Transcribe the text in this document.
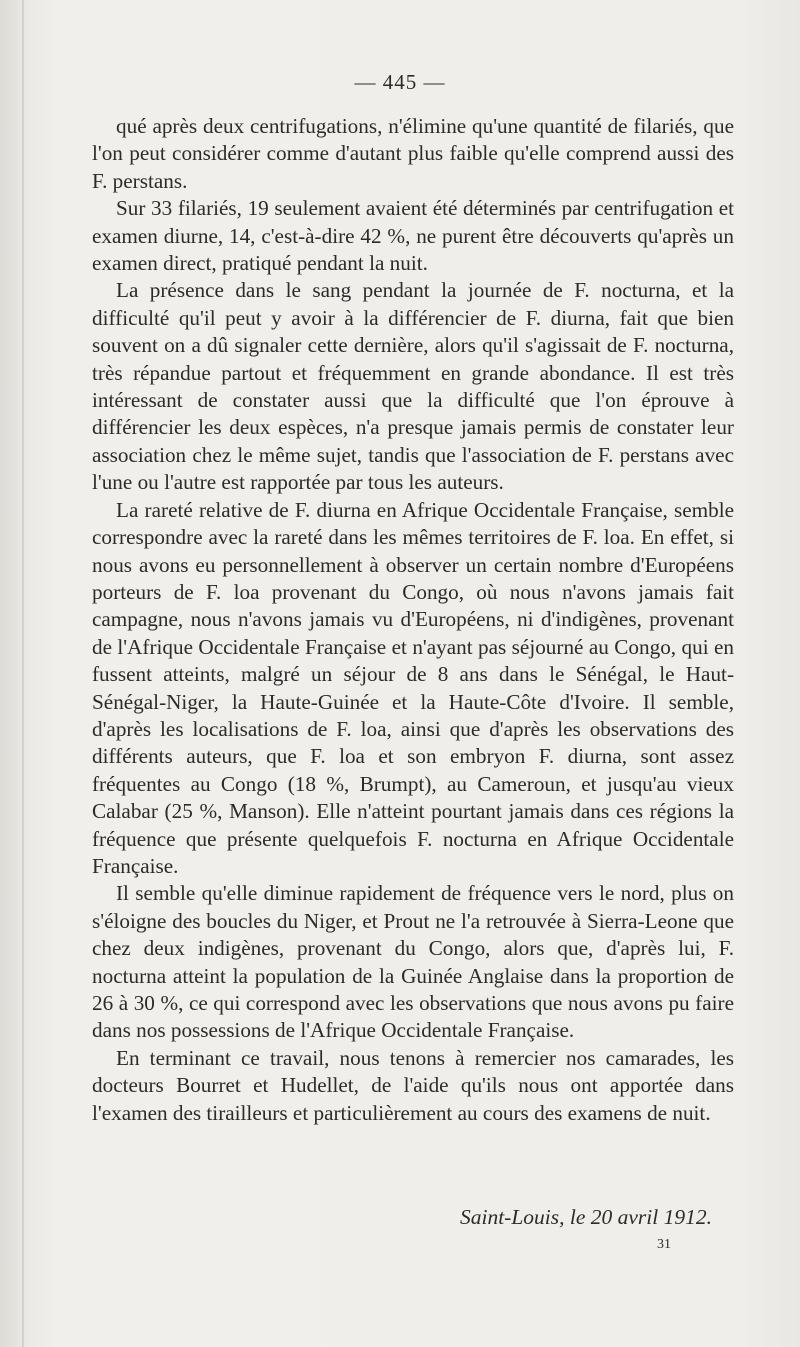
— 445 —

qué après deux centrifugations, n'élimine qu'une quantité de filariés, que l'on peut considérer comme d'autant plus faible qu'elle comprend aussi des F. perstans.

Sur 33 filariés, 19 seulement avaient été déterminés par centrifugation et examen diurne, 14, c'est-à-dire 42 %, ne purent être découverts qu'après un examen direct, pratiqué pendant la nuit.

La présence dans le sang pendant la journée de F. nocturna, et la difficulté qu'il peut y avoir à la différencier de F. diurna, fait que bien souvent on a dû signaler cette dernière, alors qu'il s'agissait de F. nocturna, très répandue partout et fréquemment en grande abondance. Il est très intéressant de constater aussi que la difficulté que l'on éprouve à différencier les deux espèces, n'a presque jamais permis de constater leur association chez le même sujet, tandis que l'association de F. perstans avec l'une ou l'autre est rapportée par tous les auteurs.

La rareté relative de F. diurna en Afrique Occidentale Française, semble correspondre avec la rareté dans les mêmes territoires de F. loa. En effet, si nous avons eu personnellement à observer un certain nombre d'Européens porteurs de F. loa provenant du Congo, où nous n'avons jamais fait campagne, nous n'avons jamais vu d'Européens, ni d'indigènes, provenant de l'Afrique Occidentale Française et n'ayant pas séjourné au Congo, qui en fussent atteints, malgré un séjour de 8 ans dans le Sénégal, le Haut-Sénégal-Niger, la Haute-Guinée et la Haute-Côte d'Ivoire. Il semble, d'après les localisations de F. loa, ainsi que d'après les observations des différents auteurs, que F. loa et son embryon F. diurna, sont assez fréquentes au Congo (18 %, Brumpt), au Cameroun, et jusqu'au vieux Calabar (25 %, Manson). Elle n'atteint pourtant jamais dans ces régions la fréquence que présente quelquefois F. nocturna en Afrique Occidentale Française.

Il semble qu'elle diminue rapidement de fréquence vers le nord, plus on s'éloigne des boucles du Niger, et Prout ne l'a retrouvée à Sierra-Leone que chez deux indigènes, provenant du Congo, alors que, d'après lui, F. nocturna atteint la population de la Guinée Anglaise dans la proportion de 26 à 30 %, ce qui correspond avec les observations que nous avons pu faire dans nos possessions de l'Afrique Occidentale Française.

En terminant ce travail, nous tenons à remercier nos camarades, les docteurs Bourret et Hudellet, de l'aide qu'ils nous ont apportée dans l'examen des tirailleurs et particulièrement au cours des examens de nuit.

Saint-Louis, le 20 avril 1912.
31
